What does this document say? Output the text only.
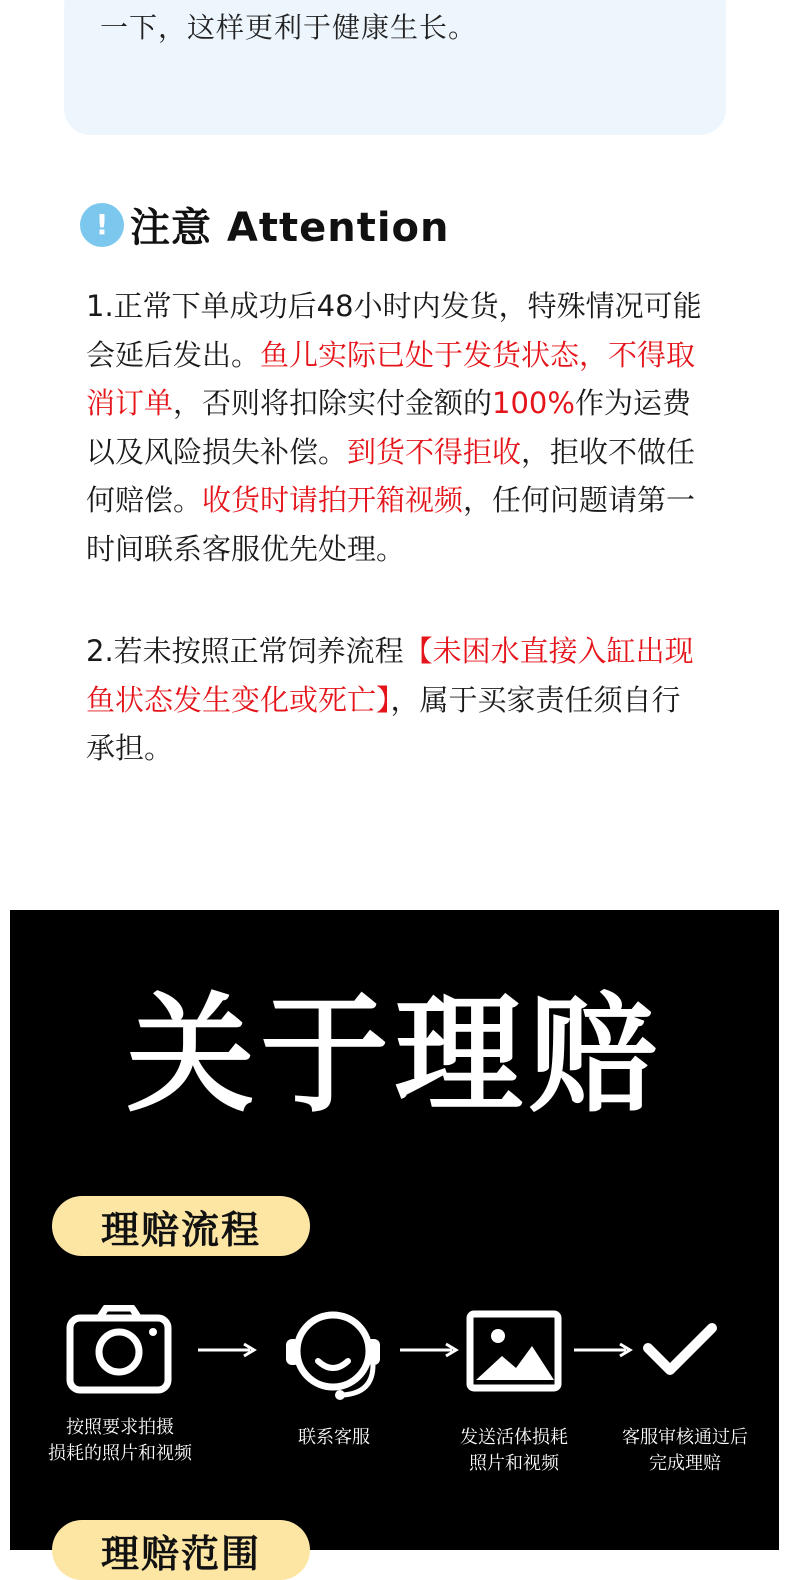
一下，这样更利于健康生长。
! 注意 Attention

1.正常下单成功后48小时内发货，特殊情况可能会延后发出。鱼儿实际已处于发货状态，不得取消订单，否则将扣除实付金额的100%作为运费以及风险损失补偿。到货不得拒收，拒收不做任何赔偿。收货时请拍开箱视频，任何问题请第一时间联系客服优先处理。

2.若未按照正常饲养流程【未困水直接入缸出现鱼状态发生变化或死亡】，属于买家责任须自行承担。

关于理赔
理赔流程
按照要求拍摄
损耗的照片和视频
联系客服	发送活体损耗
照片和视频
客服审核通过后
完成理赔
理赔范围
